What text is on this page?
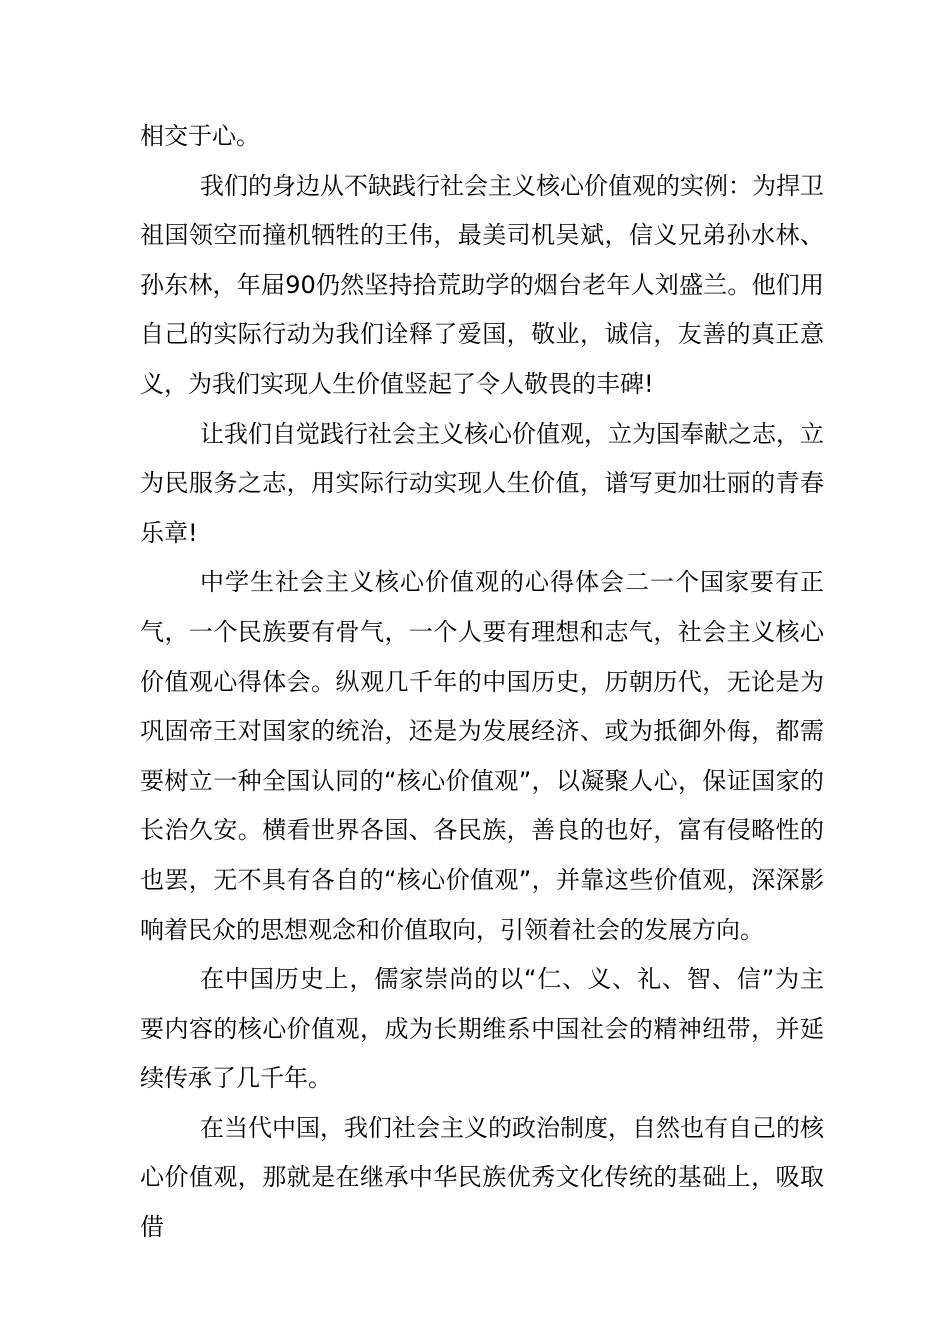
相交于心。

我们的身边从不缺践行社会主义核心价值观的实例：为捍卫祖国领空而撞机牺牲的王伟，最美司机吴斌，信义兄弟孙水林、孙东林，年届90仍然坚持拾荒助学的烟台老年人刘盛兰。他们用自己的实际行动为我们诠释了爱国，敬业，诚信，友善的真正意义，为我们实现人生价值竖起了令人敬畏的丰碑!

让我们自觉践行社会主义核心价值观，立为国奉献之志，立为民服务之志，用实际行动实现人生价值，谱写更加壮丽的青春乐章!

中学生社会主义核心价值观的心得体会二一个国家要有正气，一个民族要有骨气，一个人要有理想和志气，社会主义核心价值观心得体会。纵观几千年的中国历史，历朝历代，无论是为巩固帝王对国家的统治，还是为发展经济、或为抵御外侮，都需要树立一种全国认同的“核心价值观”，以凝聚人心，保证国家的长治久安。横看世界各国、各民族，善良的也好，富有侵略性的也罢，无不具有各自的“核心价值观”，并靠这些价值观，深深影响着民众的思想观念和价值取向，引领着社会的发展方向。

在中国历史上，儒家崇尚的以“仁、义、礼、智、信”为主要内容的核心价值观，成为长期维系中国社会的精神纽带，并延续传承了几千年。

在当代中国，我们社会主义的政治制度，自然也有自己的核心价值观，那就是在继承中华民族优秀文化传统的基础上，吸取借
